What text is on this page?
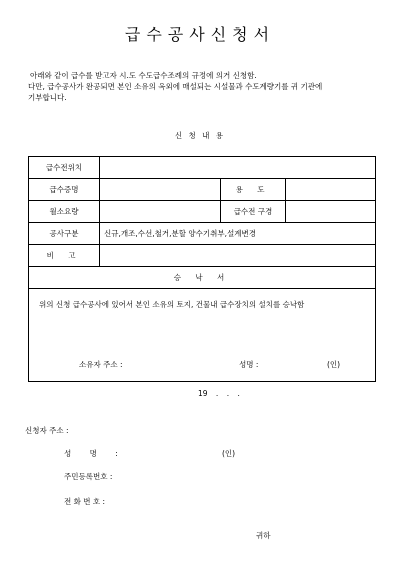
급수공사신청서
아래와 같이 급수를 받고자 시.도 수도급수조례의 규정에 의거 신청함.
다만, 급수공사가 완공되면 본인 소유의 옥외에 매설되는 시설물과 수도계량기를 귀 기관에
기부합니다.
신 청 내 용
급수전위치			
급수증명		용 도	
월소요량		급수전 구경	
공사구분	신규,개조,수선,철거,분할 양수기취부,설계변경		
비 고			
승 낙 서			

위의 신청 급수공사에 있어서 본인 소유의 토지, 건물내 급수장치의 설치를 승낙함
소유자 주소 : 성명 : (인)			
19 . . .
신청자 주소 :
성 명 :	(인)
주민등록번호 :
전 화 번 호 :
귀하
